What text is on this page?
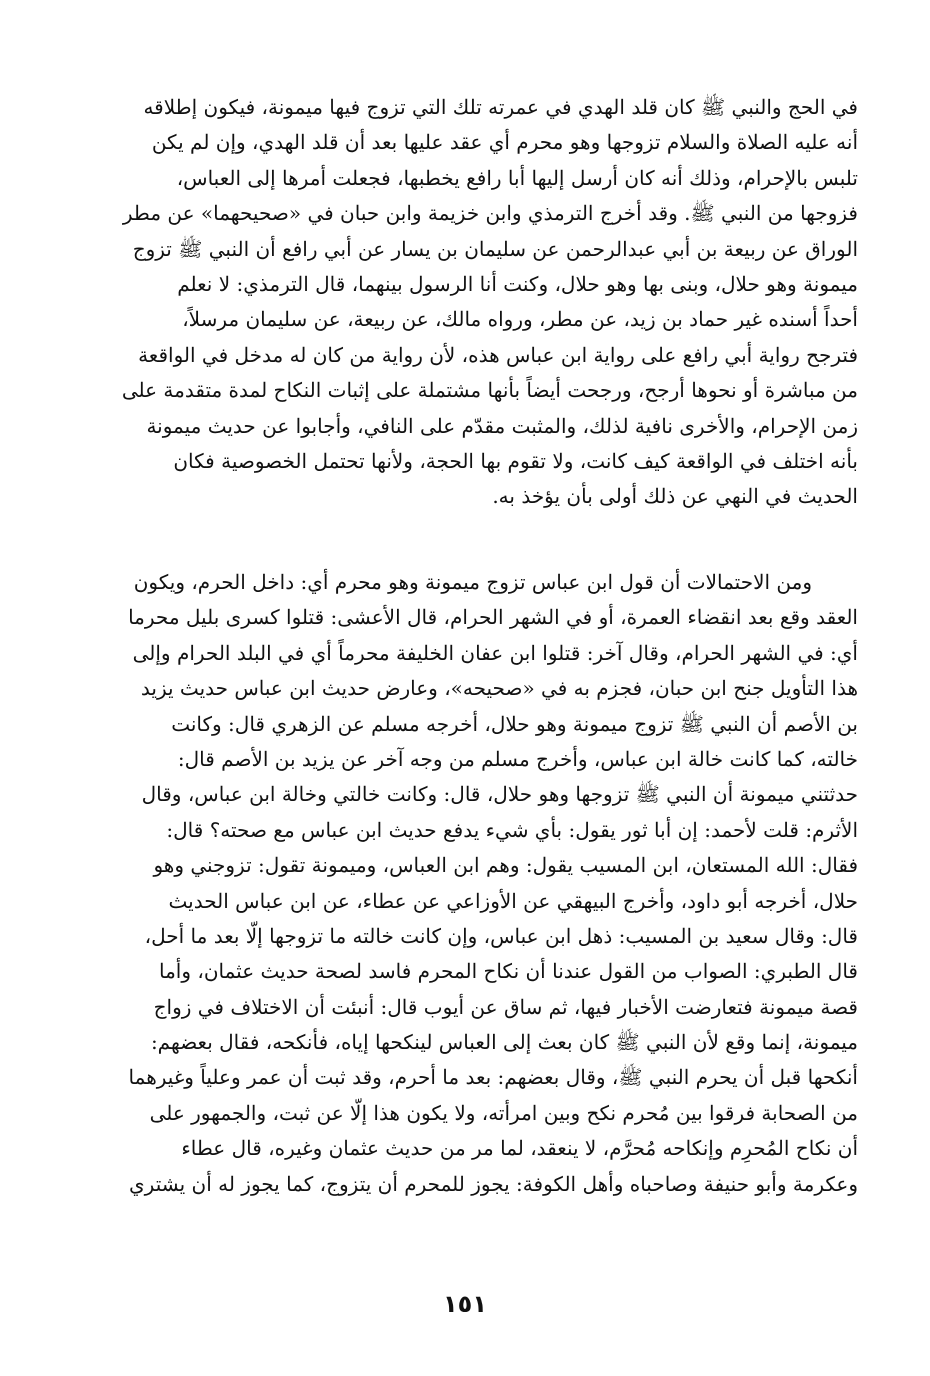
في الحج والنبي ﷺ كان قلد الهدي في عمرته تلك التي تزوج فيها ميمونة، فيكون إطلاقه
أنه عليه الصلاة والسلام تزوجها وهو محرم أي عقد عليها بعد أن قلد الهدي، وإن لم يكن
تلبس بالإحرام، وذلك أنه كان أرسل إليها أبا رافع يخطبها، فجعلت أمرها إلى العباس،
فزوجها من النبي ﷺ. وقد أخرج الترمذي وابن خزيمة وابن حبان في «صحيحهما» عن مطر
الوراق عن ربيعة بن أبي عبدالرحمن عن سليمان بن يسار عن أبي رافع أن النبي ﷺ تزوج
ميمونة وهو حلال، وبنى بها وهو حلال، وكنت أنا الرسول بينهما، قال الترمذي: لا نعلم
أحداً أسنده غير حماد بن زيد، عن مطر، ورواه مالك، عن ربيعة، عن سليمان مرسلاً،
فترجح رواية أبي رافع على رواية ابن عباس هذه، لأن رواية من كان له مدخل في الواقعة
من مباشرة أو نحوها أرجح، ورجحت أيضاً بأنها مشتملة على إثبات النكاح لمدة متقدمة على
زمن الإحرام، والأخرى نافية لذلك، والمثبت مقدّم على النافي، وأجابوا عن حديث ميمونة
بأنه اختلف في الواقعة كيف كانت، ولا تقوم بها الحجة، ولأنها تحتمل الخصوصية فكان
الحديث في النهي عن ذلك أولى بأن يؤخذ به.
ومن الاحتمالات أن قول ابن عباس تزوج ميمونة وهو محرم أي: داخل الحرم، ويكون
العقد وقع بعد انقضاء العمرة، أو في الشهر الحرام، قال الأعشى: قتلوا كسرى بليل محرما
أي: في الشهر الحرام، وقال آخر: قتلوا ابن عفان الخليفة محرماً أي في البلد الحرام وإلى
هذا التأويل جنح ابن حبان، فجزم به في «صحيحه»، وعارض حديث ابن عباس حديث يزيد
بن الأصم أن النبي ﷺ تزوج ميمونة وهو حلال، أخرجه مسلم عن الزهري قال: وكانت
خالته، كما كانت خالة ابن عباس، وأخرج مسلم من وجه آخر عن يزيد بن الأصم قال:
حدثتني ميمونة أن النبي ﷺ تزوجها وهو حلال، قال: وكانت خالتي وخالة ابن عباس، وقال
الأثرم: قلت لأحمد: إن أبا ثور يقول: بأي شيء يدفع حديث ابن عباس مع صحته؟ قال:
فقال: الله المستعان، ابن المسيب يقول: وهم ابن العباس، وميمونة تقول: تزوجني وهو
حلال، أخرجه أبو داود، وأخرج البيهقي عن الأوزاعي عن عطاء، عن ابن عباس الحديث
قال: وقال سعيد بن المسيب: ذهل ابن عباس، وإن كانت خالته ما تزوجها إلّا بعد ما أحل،
قال الطبري: الصواب من القول عندنا أن نكاح المحرم فاسد لصحة حديث عثمان، وأما
قصة ميمونة فتعارضت الأخبار فيها، ثم ساق عن أيوب قال: أنبئت أن الاختلاف في زواج
ميمونة، إنما وقع لأن النبي ﷺ كان بعث إلى العباس لينكحها إياه، فأنكحه، فقال بعضهم:
أنكحها قبل أن يحرم النبي ﷺ، وقال بعضهم: بعد ما أحرم، وقد ثبت أن عمر وعلياً وغيرهما
من الصحابة فرقوا بين مُحرم نكح وبين امرأته، ولا يكون هذا إلّا عن ثبت، والجمهور على
أن نكاح المُحرِم وإنكاحه مُحرَّم، لا ينعقد، لما مر من حديث عثمان وغيره، قال عطاء
وعكرمة وأبو حنيفة وصاحباه وأهل الكوفة: يجوز للمحرم أن يتزوج، كما يجوز له أن يشتري
١٥١
